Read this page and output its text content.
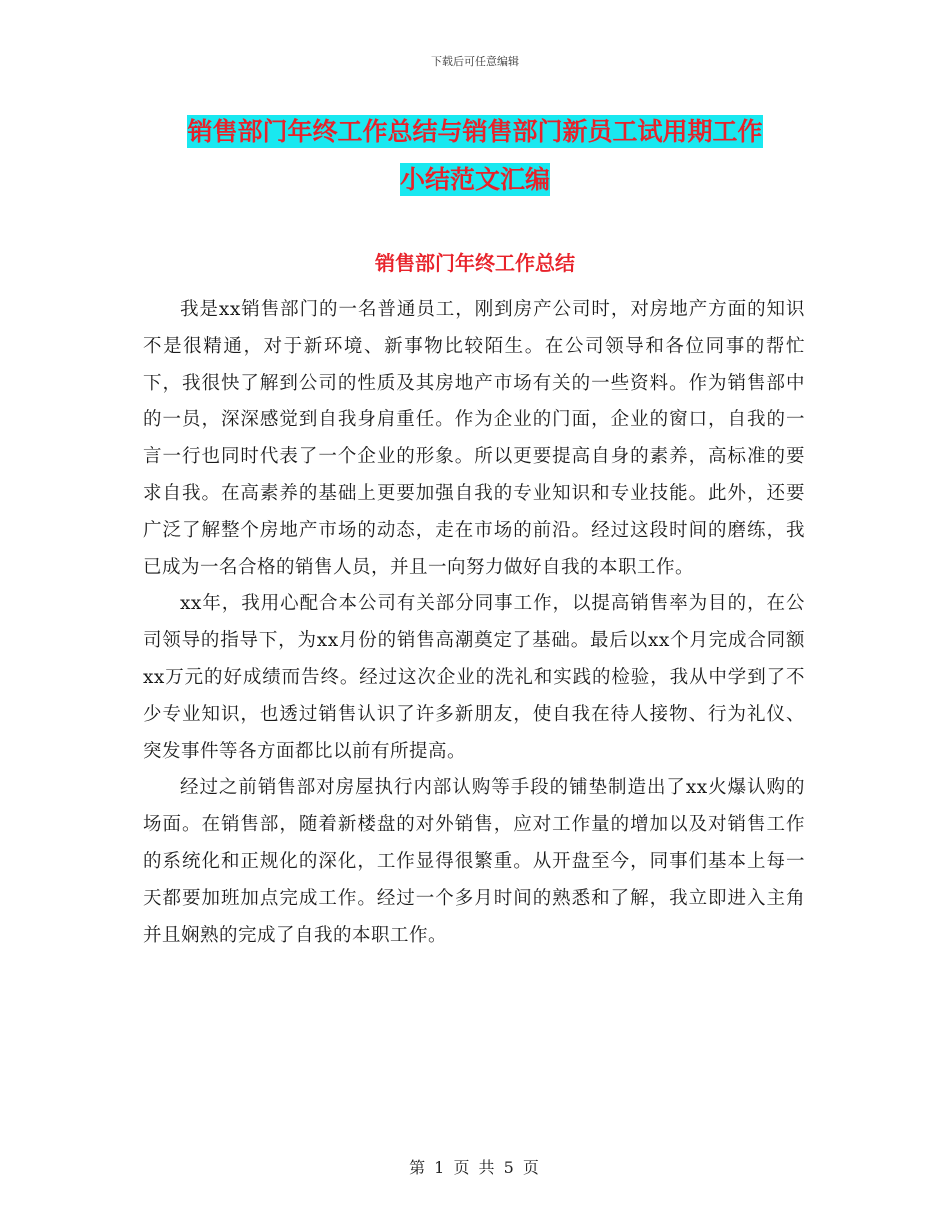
下载后可任意编辑
销售部门年终工作总结与销售部门新员工试用期工作
小结范文汇编
销售部门年终工作总结

我是xx销售部门的一名普通员工，刚到房产公司时，对房地产方面的知识不是很精通，对于新环境、新事物比较陌生。在公司领导和各位同事的帮忙下，我很快了解到公司的性质及其房地产市场有关的一些资料。作为销售部中的一员，深深感觉到自我身肩重任。作为企业的门面，企业的窗口，自我的一言一行也同时代表了一个企业的形象。所以更要提高自身的素养，高标准的要求自我。在高素养的基础上更要加强自我的专业知识和专业技能。此外，还要广泛了解整个房地产市场的动态，走在市场的前沿。经过这段时间的磨练，我已成为一名合格的销售人员，并且一向努力做好自我的本职工作。

xx年，我用心配合本公司有关部分同事工作，以提高销售率为目的，在公司领导的指导下，为xx月份的销售高潮奠定了基础。最后以xx个月完成合同额xx万元的好成绩而告终。经过这次企业的洗礼和实践的检验，我从中学到了不少专业知识，也透过销售认识了许多新朋友，使自我在待人接物、行为礼仪、突发事件等各方面都比以前有所提高。

经过之前销售部对房屋执行内部认购等手段的铺垫制造出了xx火爆认购的场面。在销售部，随着新楼盘的对外销售，应对工作量的增加以及对销售工作的系统化和正规化的深化，工作显得很繁重。从开盘至今，同事们基本上每一天都要加班加点完成工作。经过一个多月时间的熟悉和了解，我立即进入主角并且娴熟的完成了自我的本职工作。

第 1 页 共 5 页
